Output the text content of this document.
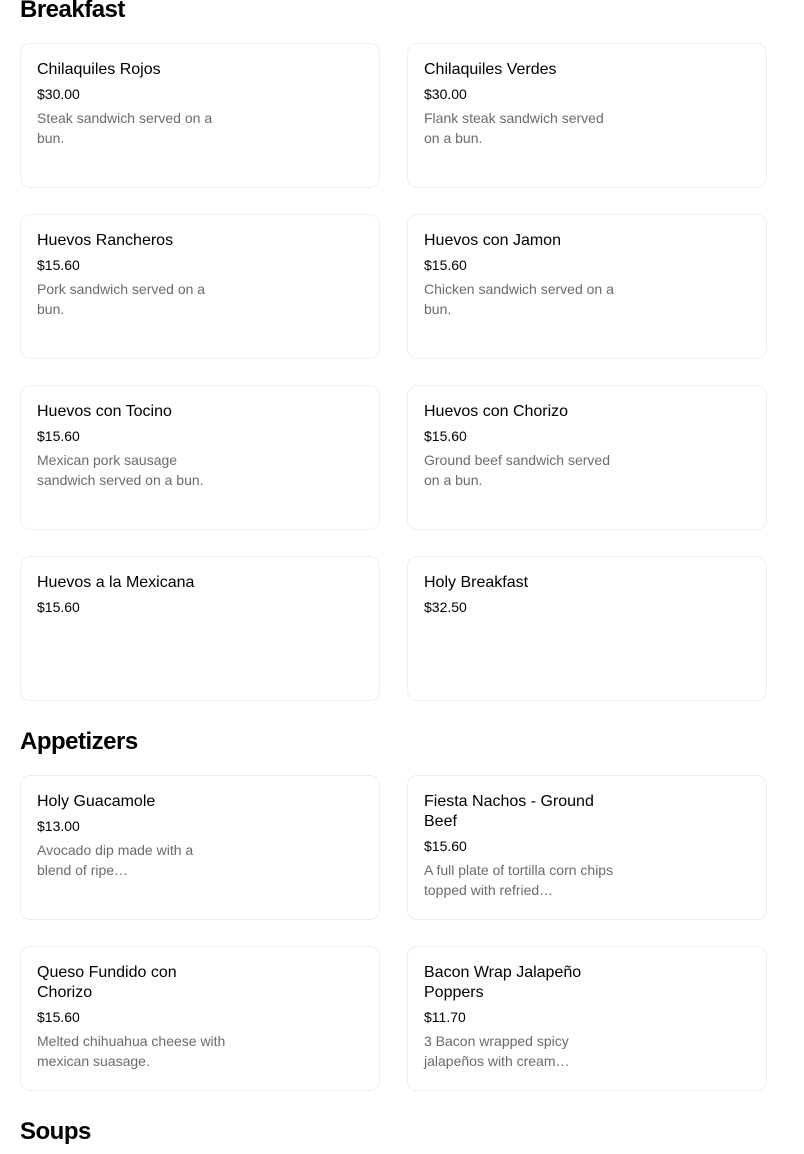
Breakfast
Chilaquiles Rojos
$30.00
Steak sandwich served on a bun.
Chilaquiles Verdes
$30.00
Flank steak sandwich served on a bun.
Huevos Rancheros
$15.60
Pork sandwich served on a bun.
Huevos con Jamon
$15.60
Chicken sandwich served on a bun.
Huevos con Tocino
$15.60
Mexican pork sausage sandwich served on a bun.
Huevos con Chorizo
$15.60
Ground beef sandwich served on a bun.
Huevos a la Mexicana
$15.60
Holy Breakfast
$32.50
Appetizers
Holy Guacamole
$13.00
Avocado dip made with a blend of ripe…
Fiesta Nachos - Ground Beef
$15.60
A full plate of tortilla corn chips topped with refried…
Queso Fundido con Chorizo
$15.60
Melted chihuahua cheese with mexican suasage.
Bacon Wrap Jalapeño Poppers
$11.70
3 Bacon wrapped spicy jalapeños with cream…
Soups
